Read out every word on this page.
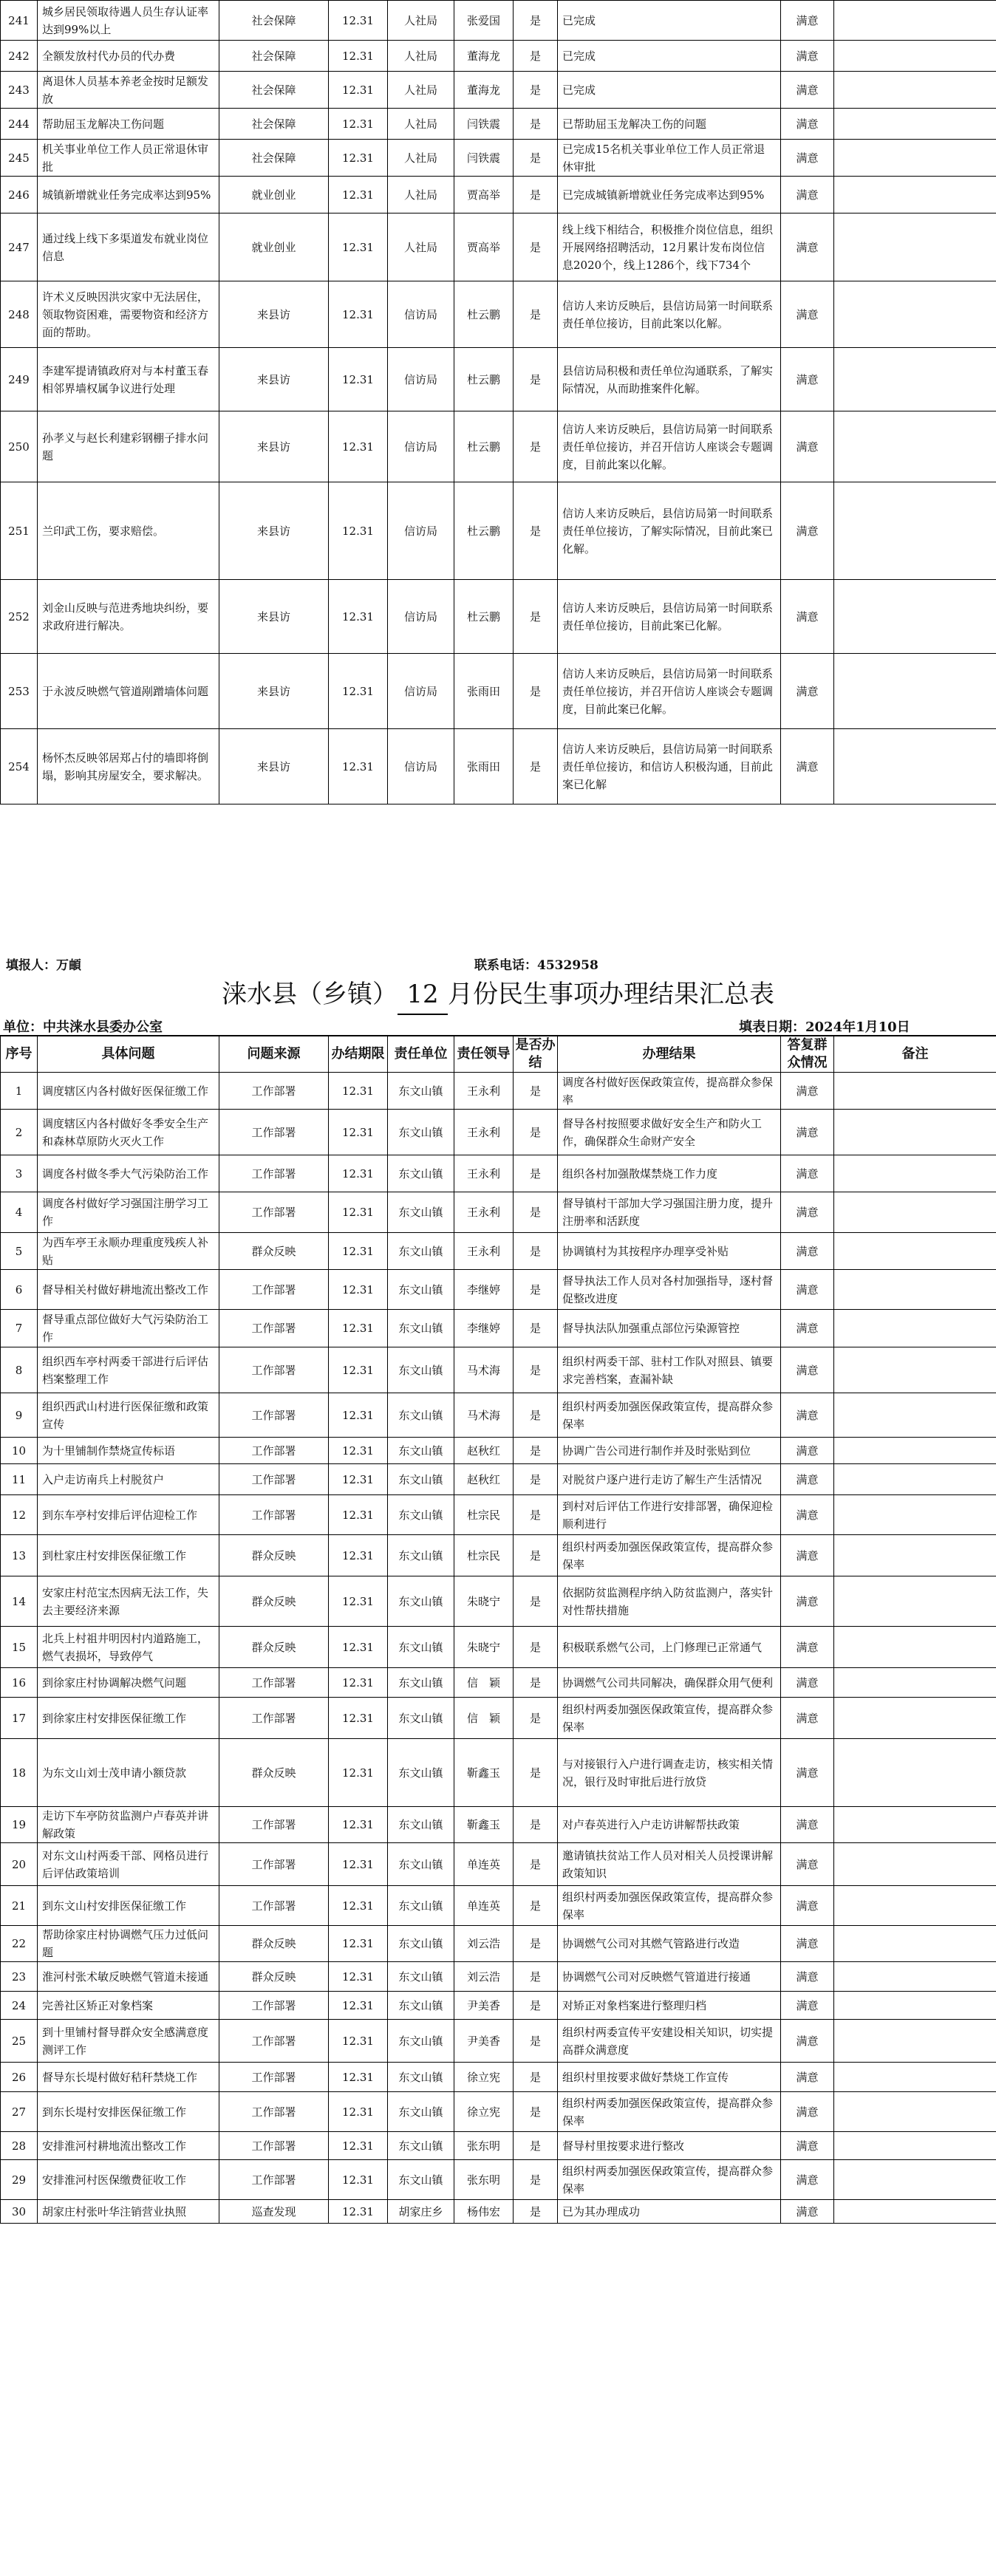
241	城乡居民领取待遇人员生存认证率达到99%以上	社会保障	12.31	人社局	张爱国	是	已完成	满意	
242	全额发放村代办员的代办费	社会保障	12.31	人社局	董海龙	是	已完成	满意	
243	离退休人员基本养老金按时足额发放	社会保障	12.31	人社局	董海龙	是	已完成	满意	
244	帮助屈玉龙解决工伤问题	社会保障	12.31	人社局	闫铁震	是	已帮助屈玉龙解决工伤的问题	满意	
245	机关事业单位工作人员正常退休审批	社会保障	12.31	人社局	闫铁震	是	已完成15名机关事业单位工作人员正常退休审批	满意	
246	城镇新增就业任务完成率达到95%	就业创业	12.31	人社局	贾高举	是	已完成城镇新增就业任务完成率达到95%	满意	
247	通过线上线下多渠道发布就业岗位信息	就业创业	12.31	人社局	贾高举	是	线上线下相结合，积极推介岗位信息，组织开展网络招聘活动，12月累计发布岗位信息2020个，线上1286个，线下734个	满意	
248	许术义反映因洪灾家中无法居住，领取物资困难，需要物资和经济方面的帮助。	来县访	12.31	信访局	杜云鹏	是	信访人来访反映后，县信访局第一时间联系责任单位接访，目前此案以化解。	满意	
249	李建军提请镇政府对与本村董玉春相邻界墙权属争议进行处理	来县访	12.31	信访局	杜云鹏	是	县信访局积极和责任单位沟通联系，了解实际情况，从而助推案件化解。	满意	
250	孙孝义与赵长利建彩钢棚子排水问题	来县访	12.31	信访局	杜云鹏	是	信访人来访反映后，县信访局第一时间联系责任单位接访，并召开信访人座谈会专题调度，目前此案以化解。	满意	
251	兰印武工伤，要求赔偿。	来县访	12.31	信访局	杜云鹏	是	信访人来访反映后，县信访局第一时间联系责任单位接访，了解实际情况，目前此案已化解。	满意	
252	刘金山反映与范进秀地块纠纷，要求政府进行解决。	来县访	12.31	信访局	杜云鹏	是	信访人来访反映后，县信访局第一时间联系责任单位接访，目前此案已化解。	满意	
253	于永波反映燃气管道剐蹭墙体问题	来县访	12.31	信访局	张雨田	是	信访人来访反映后，县信访局第一时间联系责任单位接访，并召开信访人座谈会专题调度，目前此案已化解。	满意	
254	杨怀杰反映邻居郑占付的墙即将倒塌，影响其房屋安全，要求解决。	来县访	12.31	信访局	张雨田	是	信访人来访反映后，县信访局第一时间联系责任单位接访，和信访人积极沟通，目前此案已化解	满意	
填报人：万頔	联系电话：4532958
涞水县（乡镇） 12 月份民生事项办理结果汇总表
单位：中共涞水县委办公室	填表日期：2024年1月10日
序号	具体问题	问题来源	办结期限	责任单位	责任领导	是否办结	办理结果	答复群众情况	备注
1	调度辖区内各村做好医保征缴工作	工作部署	12.31	东文山镇	王永利	是	调度各村做好医保政策宣传，提高群众参保率	满意	
2	调度辖区内各村做好冬季安全生产和森林草原防火灭火工作	工作部署	12.31	东文山镇	王永利	是	督导各村按照要求做好安全生产和防火工作，确保群众生命财产安全	满意	
3	调度各村做冬季大气污染防治工作	工作部署	12.31	东文山镇	王永利	是	组织各村加强散煤禁烧工作力度	满意	
4	调度各村做好学习强国注册学习工作	工作部署	12.31	东文山镇	王永利	是	督导镇村干部加大学习强国注册力度，提升注册率和活跃度	满意	
5	为西车亭王永顺办理重度残疾人补贴	群众反映	12.31	东文山镇	王永利	是	协调镇村为其按程序办理享受补贴	满意	
6	督导相关村做好耕地流出整改工作	工作部署	12.31	东文山镇	李继婷	是	督导执法工作人员对各村加强指导，逐村督促整改进度	满意	
7	督导重点部位做好大气污染防治工作	工作部署	12.31	东文山镇	李继婷	是	督导执法队加强重点部位污染源管控	满意	
8	组织西车亭村两委干部进行后评估档案整理工作	工作部署	12.31	东文山镇	马术海	是	组织村两委干部、驻村工作队对照县、镇要求完善档案，查漏补缺	满意	
9	组织西武山村进行医保征缴和政策宣传	工作部署	12.31	东文山镇	马术海	是	组织村两委加强医保政策宣传，提高群众参保率	满意	
10	为十里铺制作禁烧宣传标语	工作部署	12.31	东文山镇	赵秋红	是	协调广告公司进行制作并及时张贴到位	满意	
11	入户走访南兵上村脱贫户	工作部署	12.31	东文山镇	赵秋红	是	对脱贫户逐户进行走访了解生产生活情况	满意	
12	到东车亭村安排后评估迎检工作	工作部署	12.31	东文山镇	杜宗民	是	到村对后评估工作进行安排部署，确保迎检顺利进行	满意	
13	到杜家庄村安排医保征缴工作	群众反映	12.31	东文山镇	杜宗民	是	组织村两委加强医保政策宣传，提高群众参保率	满意	
14	安家庄村范宝杰因病无法工作，失去主要经济来源	群众反映	12.31	东文山镇	朱晓宁	是	依据防贫监测程序纳入防贫监测户，落实针对性帮扶措施	满意	
15	北兵上村祖井明因村内道路施工，燃气表损坏，导致停气	群众反映	12.31	东文山镇	朱晓宁	是	积极联系燃气公司，上门修理已正常通气	满意	
16	到徐家庄村协调解决燃气问题	工作部署	12.31	东文山镇	信　颖	是	协调燃气公司共同解决，确保群众用气便利	满意	
17	到徐家庄村安排医保征缴工作	工作部署	12.31	东文山镇	信　颖	是	组织村两委加强医保政策宣传，提高群众参保率	满意	
18	为东文山刘士茂申请小额贷款	群众反映	12.31	东文山镇	靳鑫玉	是	与对接银行入户进行调查走访，核实相关情况，银行及时审批后进行放贷	满意	
19	走访下车亭防贫监测户卢春英并讲解政策	工作部署	12.31	东文山镇	靳鑫玉	是	对卢春英进行入户走访讲解帮扶政策	满意	
20	对东文山村两委干部、网格员进行后评估政策培训	工作部署	12.31	东文山镇	单连英	是	邀请镇扶贫站工作人员对相关人员授课讲解政策知识	满意	
21	到东文山村安排医保征缴工作	工作部署	12.31	东文山镇	单连英	是	组织村两委加强医保政策宣传，提高群众参保率	满意	
22	帮助徐家庄村协调燃气压力过低问题	群众反映	12.31	东文山镇	刘云浩	是	协调燃气公司对其燃气管路进行改造	满意	
23	淮河村张术敏反映燃气管道未接通	群众反映	12.31	东文山镇	刘云浩	是	协调燃气公司对反映燃气管道进行接通	满意	
24	完善社区矫正对象档案	工作部署	12.31	东文山镇	尹美香	是	对矫正对象档案进行整理归档	满意	
25	到十里铺村督导群众安全感满意度测评工作	工作部署	12.31	东文山镇	尹美香	是	组织村两委宣传平安建设相关知识，切实提高群众满意度	满意	
26	督导东长堤村做好秸秆禁烧工作	工作部署	12.31	东文山镇	徐立宪	是	组织村里按要求做好禁烧工作宣传	满意	
27	到东长堤村安排医保征缴工作	工作部署	12.31	东文山镇	徐立宪	是	组织村两委加强医保政策宣传，提高群众参保率	满意	
28	安排淮河村耕地流出整改工作	工作部署	12.31	东文山镇	张东明	是	督导村里按要求进行整改	满意	
29	安排淮河村医保缴费征收工作	工作部署	12.31	东文山镇	张东明	是	组织村两委加强医保政策宣传，提高群众参保率	满意	
30	胡家庄村张叶华注销营业执照	巡查发现	12.31	胡家庄乡	杨伟宏	是	已为其办理成功	满意	
